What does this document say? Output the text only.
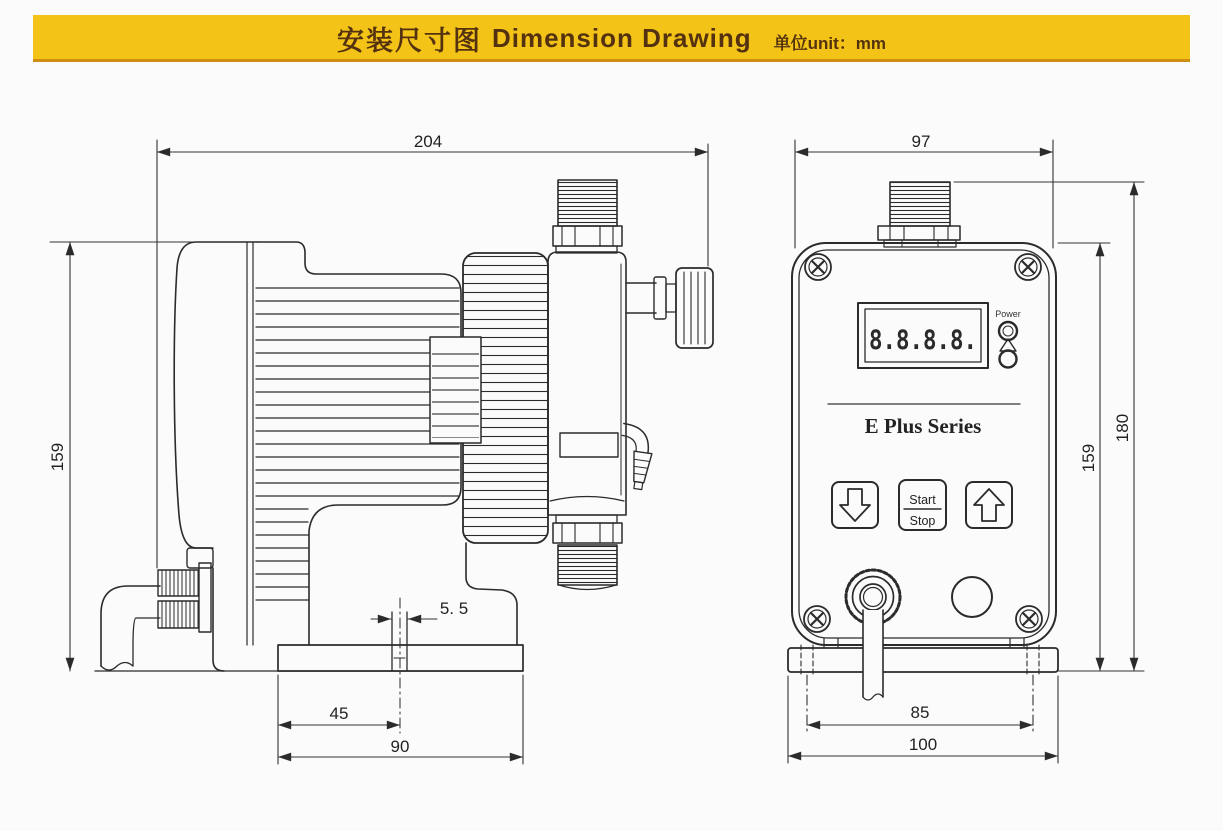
204
159
5. 5
45
90
8.8.8.8.
Power
E Plus Series
Start
Stop
97
159
180
85
100
安装尺寸图 Dimension Drawing 单位unit：mm
